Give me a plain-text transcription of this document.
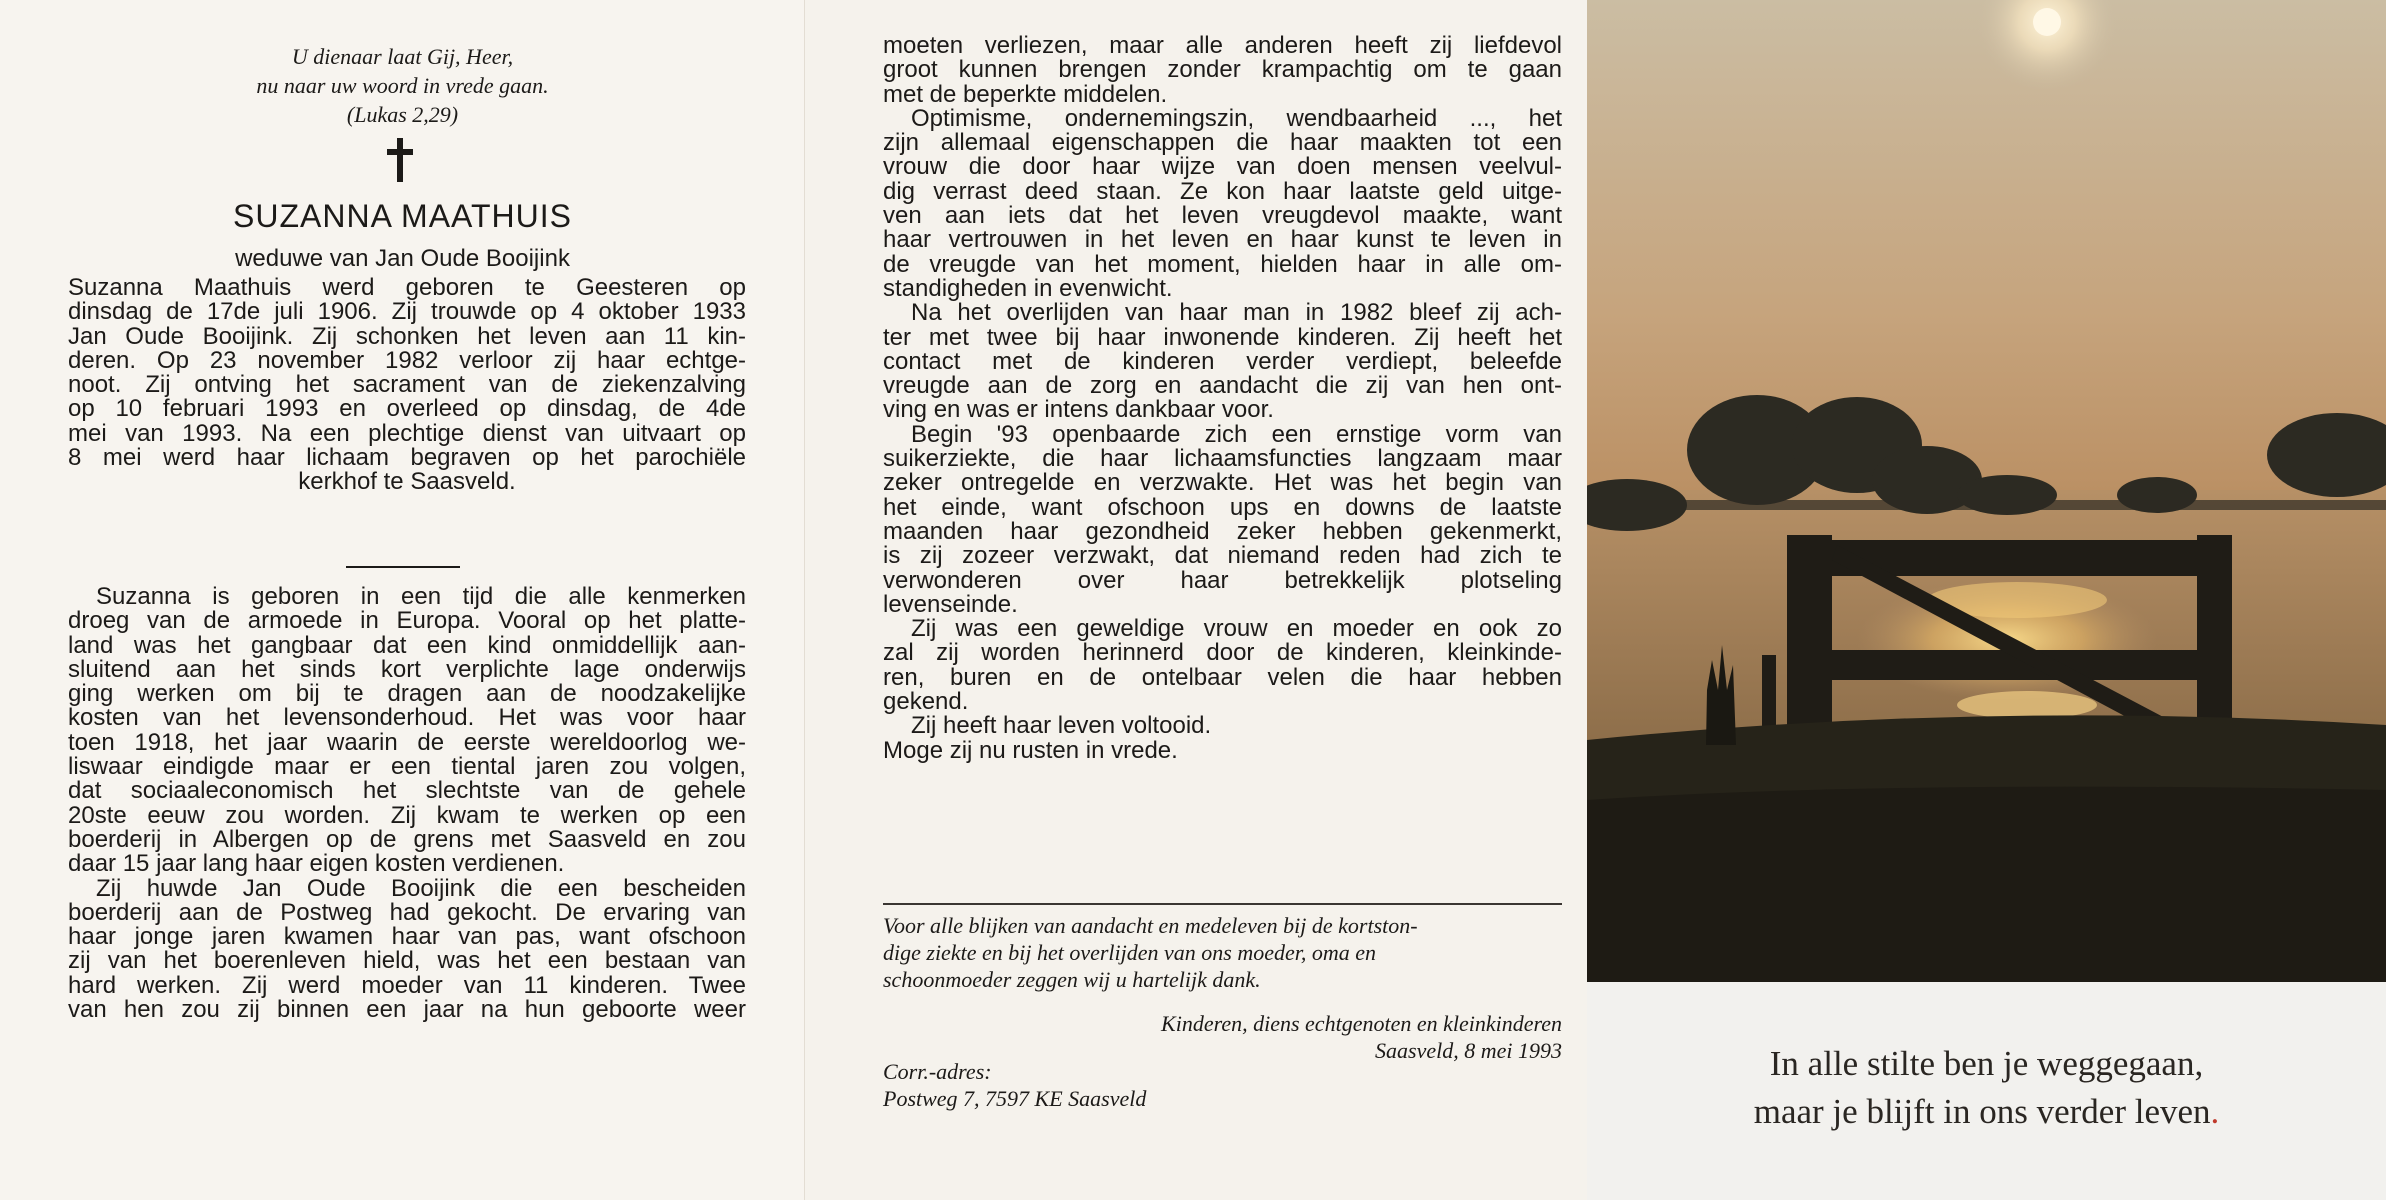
U dienaar laat Gij, Heer,
nu naar uw woord in vrede gaan.
(Lukas 2,29)
SUZANNA MAATHUIS
weduwe van Jan Oude Booijink
Suzanna Maathuis werd geboren te Geesteren op
dinsdag de 17de juli 1906. Zij trouwde op 4 oktober 1933
Jan Oude Booijink. Zij schonken het leven aan 11 kin-
deren. Op 23 november 1982 verloor zij haar echtge-
noot. Zij ontving het sacrament van de ziekenzalving
op 10 februari 1993 en overleed op dinsdag, de 4de
mei van 1993. Na een plechtige dienst van uitvaart op
8 mei werd haar lichaam begraven op het parochiële
kerkhof te Saasveld.
Suzanna is geboren in een tijd die alle kenmerken
droeg van de armoede in Europa. Vooral op het platte-
land was het gangbaar dat een kind onmiddellijk aan-
sluitend aan het sinds kort verplichte lage onderwijs
ging werken om bij te dragen aan de noodzakelijke
kosten van het levensonderhoud. Het was voor haar
toen 1918, het jaar waarin de eerste wereldoorlog we-
liswaar eindigde maar er een tiental jaren zou volgen,
dat sociaaleconomisch het slechtste van de gehele
20ste eeuw zou worden. Zij kwam te werken op een
boerderij in Albergen op de grens met Saasveld en zou
daar 15 jaar lang haar eigen kosten verdienen.
Zij huwde Jan Oude Booijink die een bescheiden
boerderij aan de Postweg had gekocht. De ervaring van
haar jonge jaren kwamen haar van pas, want ofschoon
zij van het boerenleven hield, was het een bestaan van
hard werken. Zij werd moeder van 11 kinderen. Twee
van hen zou zij binnen een jaar na hun geboorte weer
moeten verliezen, maar alle anderen heeft zij liefdevol
groot kunnen brengen zonder krampachtig om te gaan
met de beperkte middelen.
Optimisme, ondernemingszin, wendbaarheid ..., het
zijn allemaal eigenschappen die haar maakten tot een
vrouw die door haar wijze van doen mensen veelvul-
dig verrast deed staan. Ze kon haar laatste geld uitge-
ven aan iets dat het leven vreugdevol maakte, want
haar vertrouwen in het leven en haar kunst te leven in
de vreugde van het moment, hielden haar in alle om-
standigheden in evenwicht.
Na het overlijden van haar man in 1982 bleef zij ach-
ter met twee bij haar inwonende kinderen. Zij heeft het
contact met de kinderen verder verdiept, beleefde
vreugde aan de zorg en aandacht die zij van hen ont-
ving en was er intens dankbaar voor.
Begin '93 openbaarde zich een ernstige vorm van
suikerziekte, die haar lichaamsfuncties langzaam maar
zeker ontregelde en verzwakte. Het was het begin van
het einde, want ofschoon ups en downs de laatste
maanden haar gezondheid zeker hebben gekenmerkt,
is zij zozeer verzwakt, dat niemand reden had zich te
verwonderen over haar betrekkelijk plotseling
levenseinde.
Zij was een geweldige vrouw en moeder en ook zo
zal zij worden herinnerd door de kinderen, kleinkinde-
ren, buren en de ontelbaar velen die haar hebben
gekend.
Zij heeft haar leven voltooid.
Moge zij nu rusten in vrede.
Voor alle blijken van aandacht en medeleven bij de kortston-
dige ziekte en bij het overlijden van ons moeder, oma en
schoonmoeder zeggen wij u hartelijk dank.
Kinderen, diens echtgenoten en kleinkinderen
Saasveld, 8 mei 1993
Corr.-adres:
Postweg 7, 7597 KE Saasveld
In alle stilte ben je weggegaan,
maar je blijft in ons verder leven.
